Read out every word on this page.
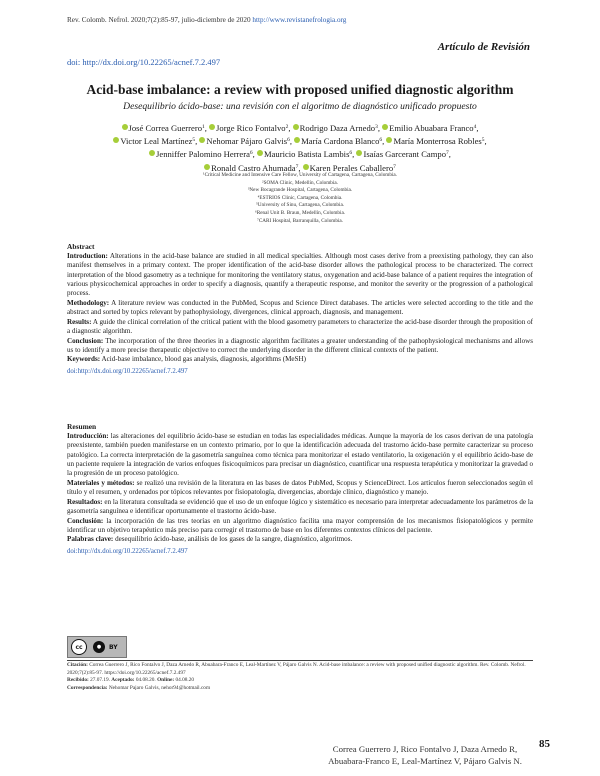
Rev. Colomb. Nefrol. 2020;7(2):85-97, julio-diciembre de 2020 http://www.revistanefrologia.org
Artículo de Revisión
doi: http://dx.doi.org/10.22265/acnef.7.2.497
Acid-base imbalance: a review with proposed unified diagnostic algorithm
Desequilibrio ácido-base: una revisión con el algoritmo de diagnóstico unificado propuesto
José Correa Guerrero$^1$, Jorge Rico Fontalvo$^2$, Rodrigo Daza Arnedo$^3$, Emilio Abuabara Franco$^4$,
Victor Leal Martínez$^5$, Nehomar Pájaro Galvis$^6$, María Cardona Blanco$^6$, María Monterrosa Robles$^5$,
Jenniffer Palomino Herrera$^6$, Mauricio Batista Lambis$^6$, Isaías Garcerant Campo$^7$,
Ronald Castro Ahumada$^7$, Karen Perales Caballero$^7$
¹Critical Medicine and Intensive Care Fellow, University of Cartagena, Cartagena, Colombia.
²SOMA Clinic, Medellín, Colombia.
³New Bocagrande Hospital, Cartagena, Colombia.
⁴ESTRIOS Clinic, Cartagena, Colombia.
⁵University of Sinu, Cartagena, Colombia.
⁶Renal Unit B. Braun, Medellín, Colombia.
⁷CARI Hospital, Barranquilla, Colombia.
Abstract

Introduction: Alterations in the acid-base balance are studied in all medical specialties. Although most cases derive from a preexisting pathology, they can also manifest themselves in a primary context. The proper identification of the acid-base disorder allows the pathological process to be characterized. The correct interpretation of the blood gasometry as a technique for monitoring the ventilatory status, oxygenation and acid-base balance of a patient requires the integration of various physicochemical approaches in order to specify a diagnosis, quantify a therapeutic response, and monitor the severity or the progression of a pathological process.

Methodology: A literature review was conducted in the PubMed, Scopus and Science Direct databases. The articles were selected according to the title and the abstract and sorted by topics relevant by pathophysiology, divergences, clinical approach, diagnosis, and management.

Results: A guide the clinical correlation of the critical patient with the blood gasometry parameters to characterize the acid-base disorder through the proposition of a diagnostic algorithm.

Conclusion: The incorporation of the three theories in a diagnostic algorithm facilitates a greater understanding of the pathophysiological mechanisms and allows us to identify a more precise therapeutic objective to correct the underlying disorder in the different clinical contexts of the patient.

Keywords: Acid-base imbalance, blood gas analysis, diagnosis, algorithms (MeSH)

doi:http://dx.doi.org/10.22265/acnef.7.2.497
Resumen

Introducción: las alteraciones del equilibrio ácido-base se estudian en todas las especialidades médicas. Aunque la mayoría de los casos derivan de una patología preexistente, también pueden manifestarse en un contexto primario, por lo que la identificación adecuada del trastorno ácido-base permite caracterizar su proceso patológico. La correcta interpretación de la gasometría sanguínea como técnica para monitorizar el estado ventilatorio, la oxigenación y el equilibrio ácido-base de un paciente requiere la integración de varios enfoques fisicoquímicos para precisar un diagnóstico, cuantificar una respuesta terapéutica y monitorizar la gravedad o la progresión de un proceso patológico.

Materiales y métodos: se realizó una revisión de la literatura en las bases de datos PubMed, Scopus y ScienceDirect. Los artículos fueron seleccionados según el título y el resumen, y ordenados por tópicos relevantes por fisiopatología, divergencias, abordaje clínico, diagnóstico y manejo.

Resultados: en la literatura consultada se evidenció que el uso de un enfoque lógico y sistemático es necesario para interpretar adecuadamente los parámetros de la gasometría sanguínea e identificar oportunamente el trastorno ácido-base.

Conclusión: la incorporación de las tres teorías en un algoritmo diagnóstico facilita una mayor comprensión de los mecanismos fisiopatológicos y permite identificar un objetivo terapéutico más preciso para corregir el trastorno de base en los diferentes contextos clínicos del paciente.

Palabras clave: desequilibrio ácido-base, análisis de los gases de la sangre, diagnóstico, algoritmos.

doi:http://dx.doi.org/10.22265/acnef.7.2.497
cc	●	BY
Citación: Correa Guerrero J, Rico Fontalvo J, Daza Arnedo R, Abuabara-Franco E, Leal-Martínez V, Pájaro Galvis N. Acid-base imbalance: a review with proposed unified diagnostic algorithm. Rev. Colomb. Nefrol. 2020;7(2):85-97. https://doi.org/10.22265/acnef.7.2.497
Recibido: 27.07.19. Aceptado: 04.08.20. Online: 04.08.20
Correspondencia: Nehomar Pajaro Galvis, nehor94@hotmail.com
Correa Guerrero J, Rico Fontalvo J, Daza Arnedo R, Abuabara-Franco E, Leal-Martínez V, Pájaro Galvis N.
85
